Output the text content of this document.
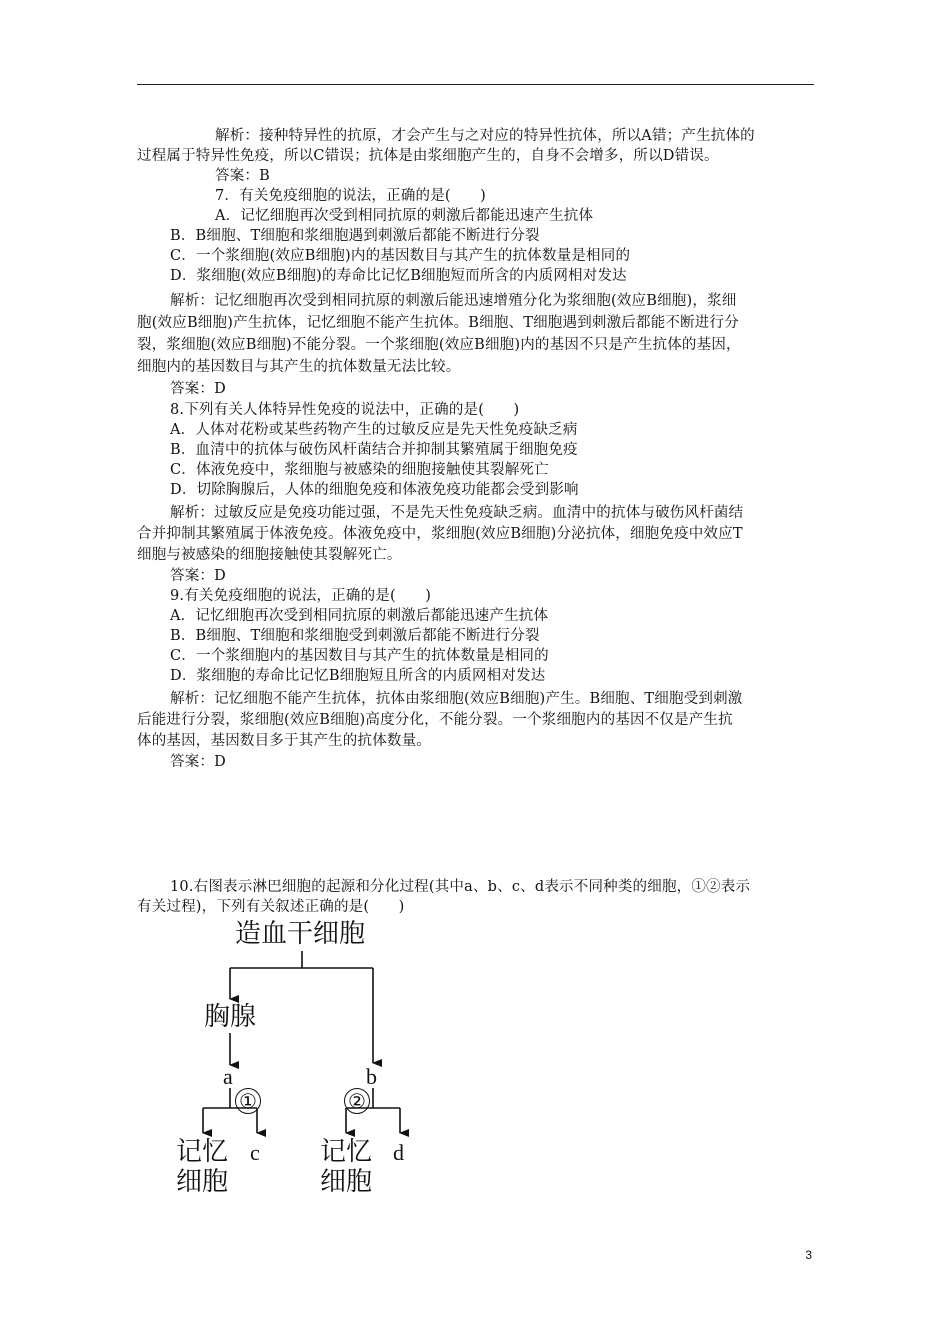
解析：接种特异性的抗原，才会产生与之对应的特异性抗体，所以A错；产生抗体的
过程属于特异性免疫，所以C错误；抗体是由浆细胞产生的，自身不会增多，所以D错误。
答案：B
7．有关免疫细胞的说法，正确的是(　　)
A．记忆细胞再次受到相同抗原的刺激后都能迅速产生抗体
B．B细胞、T细胞和浆细胞遇到刺激后都能不断进行分裂
C．一个浆细胞(效应B细胞)内的基因数目与其产生的抗体数量是相同的
D．浆细胞(效应B细胞)的寿命比记忆B细胞短而所含的内质网相对发达
解析：记忆细胞再次受到相同抗原的刺激后能迅速增殖分化为浆细胞(效应B细胞)，浆细
胞(效应B细胞)产生抗体，记忆细胞不能产生抗体。B细胞、T细胞遇到刺激后都能不断进行分
裂，浆细胞(效应B细胞)不能分裂。一个浆细胞(效应B细胞)内的基因不只是产生抗体的基因，
细胞内的基因数目与其产生的抗体数量无法比较。
答案：D
8.下列有关人体特异性免疫的说法中，正确的是(　　)
A．人体对花粉或某些药物产生的过敏反应是先天性免疫缺乏病
B．血清中的抗体与破伤风杆菌结合并抑制其繁殖属于细胞免疫
C．体液免疫中，浆细胞与被感染的细胞接触使其裂解死亡
D．切除胸腺后，人体的细胞免疫和体液免疫功能都会受到影响
解析：过敏反应是免疫功能过强，不是先天性免疫缺乏病。血清中的抗体与破伤风杆菌结
合并抑制其繁殖属于体液免疫。体液免疫中，浆细胞(效应B细胞)分泌抗体，细胞免疫中效应T
细胞与被感染的细胞接触使其裂解死亡。
答案：D
9.有关免疫细胞的说法，正确的是(　　)
A．记忆细胞再次受到相同抗原的刺激后都能迅速产生抗体
B．B细胞、T细胞和浆细胞受到刺激后都能不断进行分裂
C．一个浆细胞内的基因数目与其产生的抗体数量是相同的
D．浆细胞的寿命比记忆B细胞短且所含的内质网相对发达
解析：记忆细胞不能产生抗体，抗体由浆细胞(效应B细胞)产生。B细胞、T细胞受到刺激
后能进行分裂，浆细胞(效应B细胞)高度分化，不能分裂。一个浆细胞内的基因不仅是产生抗
体的基因，基因数目多于其产生的抗体数量。
答案：D
10.右图表示淋巴细胞的起源和分化过程(其中a、b、c、d表示不同种类的细胞，①②表示
有关过程)，下列有关叙述正确的是(　　)
造血干细胞
胸腺
a	b
①	②
记忆
细胞
c 记忆
细胞
d
3
